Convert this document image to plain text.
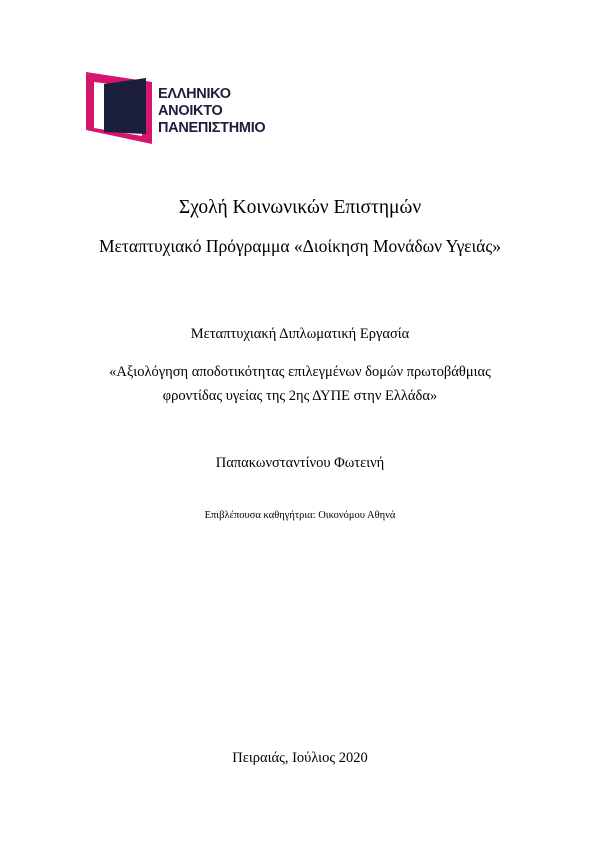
ΕΛΛΗΝΙΚΟ
ΑΝΟΙΚΤΟ
ΠΑΝΕΠΙΣΤΗΜΙΟ
Σχολή Κοινωνικών Επιστημών
Μεταπτυχιακό Πρόγραμμα «Διοίκηση Μονάδων Υγειάς»
Μεταπτυχιακή Διπλωματική Εργασία
«Αξιολόγηση αποδοτικότητας επιλεγμένων δομών πρωτοβάθμιας
φροντίδας υγείας της 2ης ΔΥΠΕ στην Ελλάδα»
Παπακωνσταντίνου Φωτεινή
Επιβλέπουσα καθηγήτρια: Οικονόμου Αθηνά
Πειραιάς, Ιούλιος 2020
